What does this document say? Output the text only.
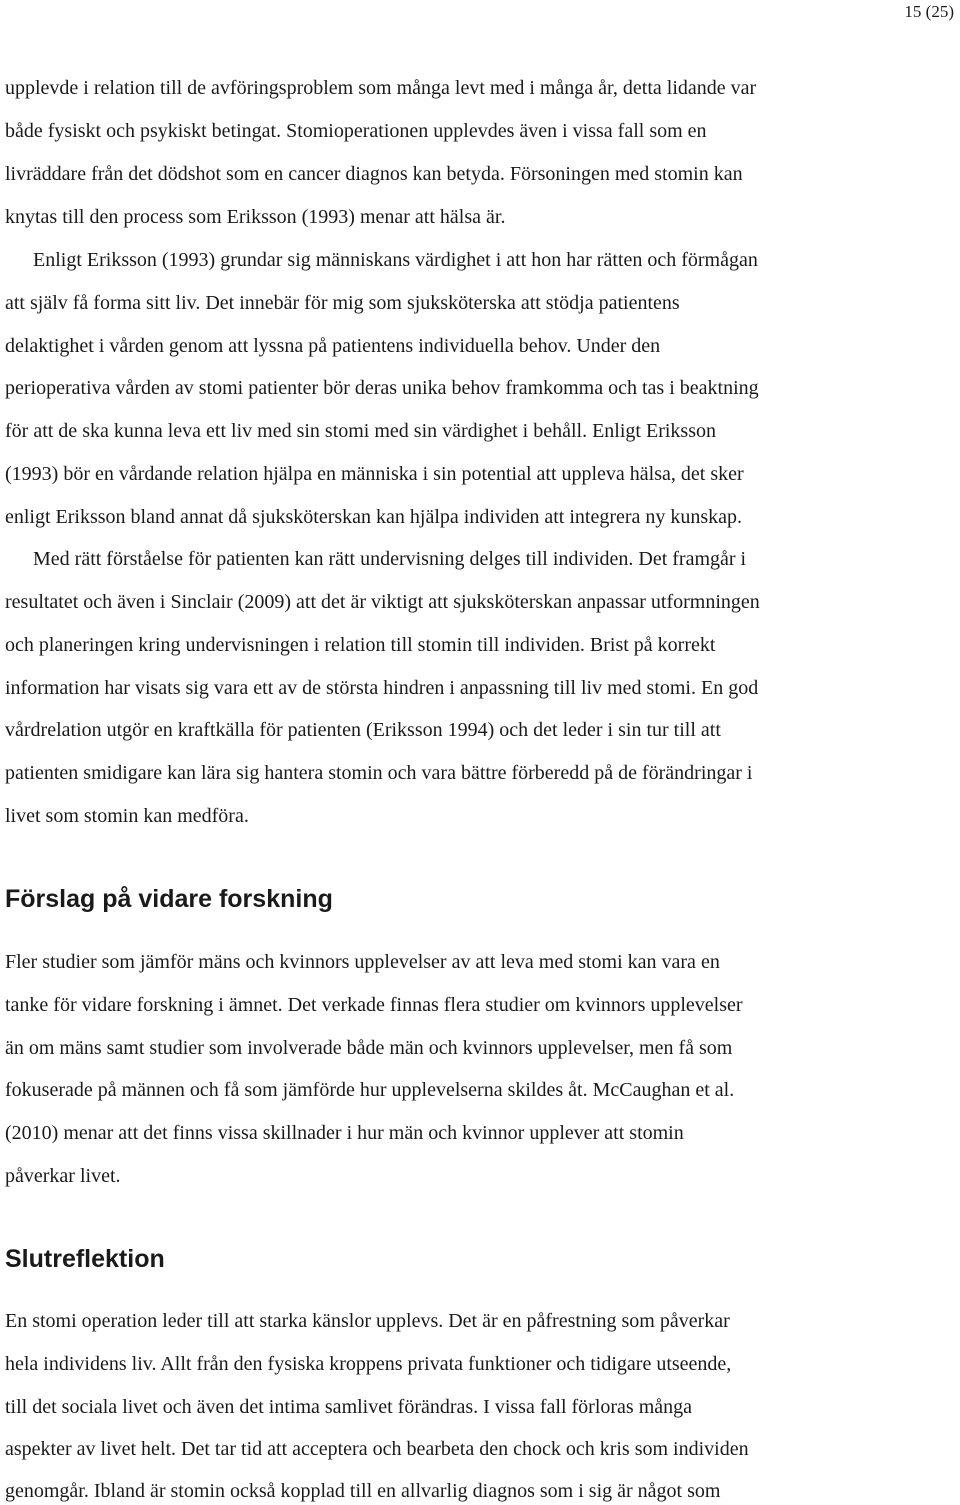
15 (25)
upplevde i relation till de avföringsproblem som många levt med i många år, detta lidande var
både fysiskt och psykiskt betingat. Stomioperationen upplevdes även i vissa fall som en
livräddare från det dödshot som en cancer diagnos kan betyda. Försoningen med stomin kan
knytas till den process som Eriksson (1993) menar att hälsa är.
Enligt Eriksson (1993) grundar sig människans värdighet i att hon har rätten och förmågan
att själv få forma sitt liv. Det innebär för mig som sjuksköterska att stödja patientens
delaktighet i vården genom att lyssna på patientens individuella behov. Under den
perioperativa vården av stomi patienter bör deras unika behov framkomma och tas i beaktning
för att de ska kunna leva ett liv med sin stomi med sin värdighet i behåll. Enligt Eriksson
(1993) bör en vårdande relation hjälpa en människa i sin potential att uppleva hälsa, det sker
enligt Eriksson bland annat då sjuksköterskan kan hjälpa individen att integrera ny kunskap.
Med rätt förståelse för patienten kan rätt undervisning delges till individen. Det framgår i
resultatet och även i Sinclair (2009) att det är viktigt att sjuksköterskan anpassar utformningen
och planeringen kring undervisningen i relation till stomin till individen. Brist på korrekt
information har visats sig vara ett av de största hindren i anpassning till liv med stomi. En god
vårdrelation utgör en kraftkälla för patienten (Eriksson 1994) och det leder i sin tur till att
patienten smidigare kan lära sig hantera stomin och vara bättre förberedd på de förändringar i
livet som stomin kan medföra.
Förslag på vidare forskning
Fler studier som jämför mäns och kvinnors upplevelser av att leva med stomi kan vara en
tanke för vidare forskning i ämnet. Det verkade finnas flera studier om kvinnors upplevelser
än om mäns samt studier som involverade både män och kvinnors upplevelser, men få som
fokuserade på männen och få som jämförde hur upplevelserna skildes åt. McCaughan et al.
(2010) menar att det finns vissa skillnader i hur män och kvinnor upplever att stomin
påverkar livet.
Slutreflektion
En stomi operation leder till att starka känslor upplevs. Det är en påfrestning som påverkar
hela individens liv. Allt från den fysiska kroppens privata funktioner och tidigare utseende,
till det sociala livet och även det intima samlivet förändras. I vissa fall förloras många
aspekter av livet helt. Det tar tid att acceptera och bearbeta den chock och kris som individen
genomgår. Ibland är stomin också kopplad till en allvarlig diagnos som i sig är något som
